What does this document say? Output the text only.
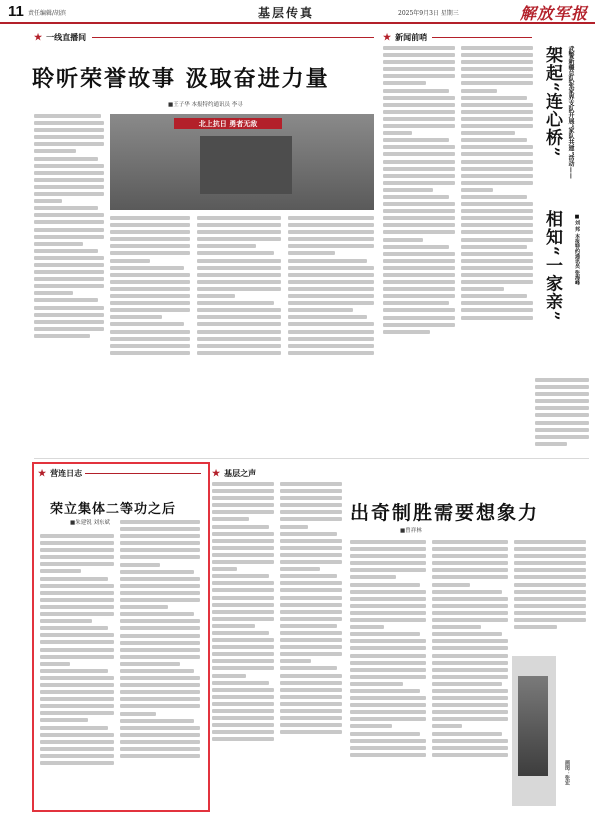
11 责任编辑/胡滨	基层传真	2025年9月3日 星期三	解放军报
★ 一线直播间
聆听荣誉故事 汲取奋进力量
■王子华 本报特约通讯员 李寻
北上抗日 勇者无敌
★ 新闻前哨
武警新疆总队张家界支队开展“家队共建”活动——
架起“连心桥”
相知“一家亲”	■刘 邦 本报特约通讯员 张海峰
★ 营连日志
荣立集体二等功之后
■朱建锐 刘东斌
★ 基层之声
出奇制胜需要想象力
■曾祥林
画图：张宏
